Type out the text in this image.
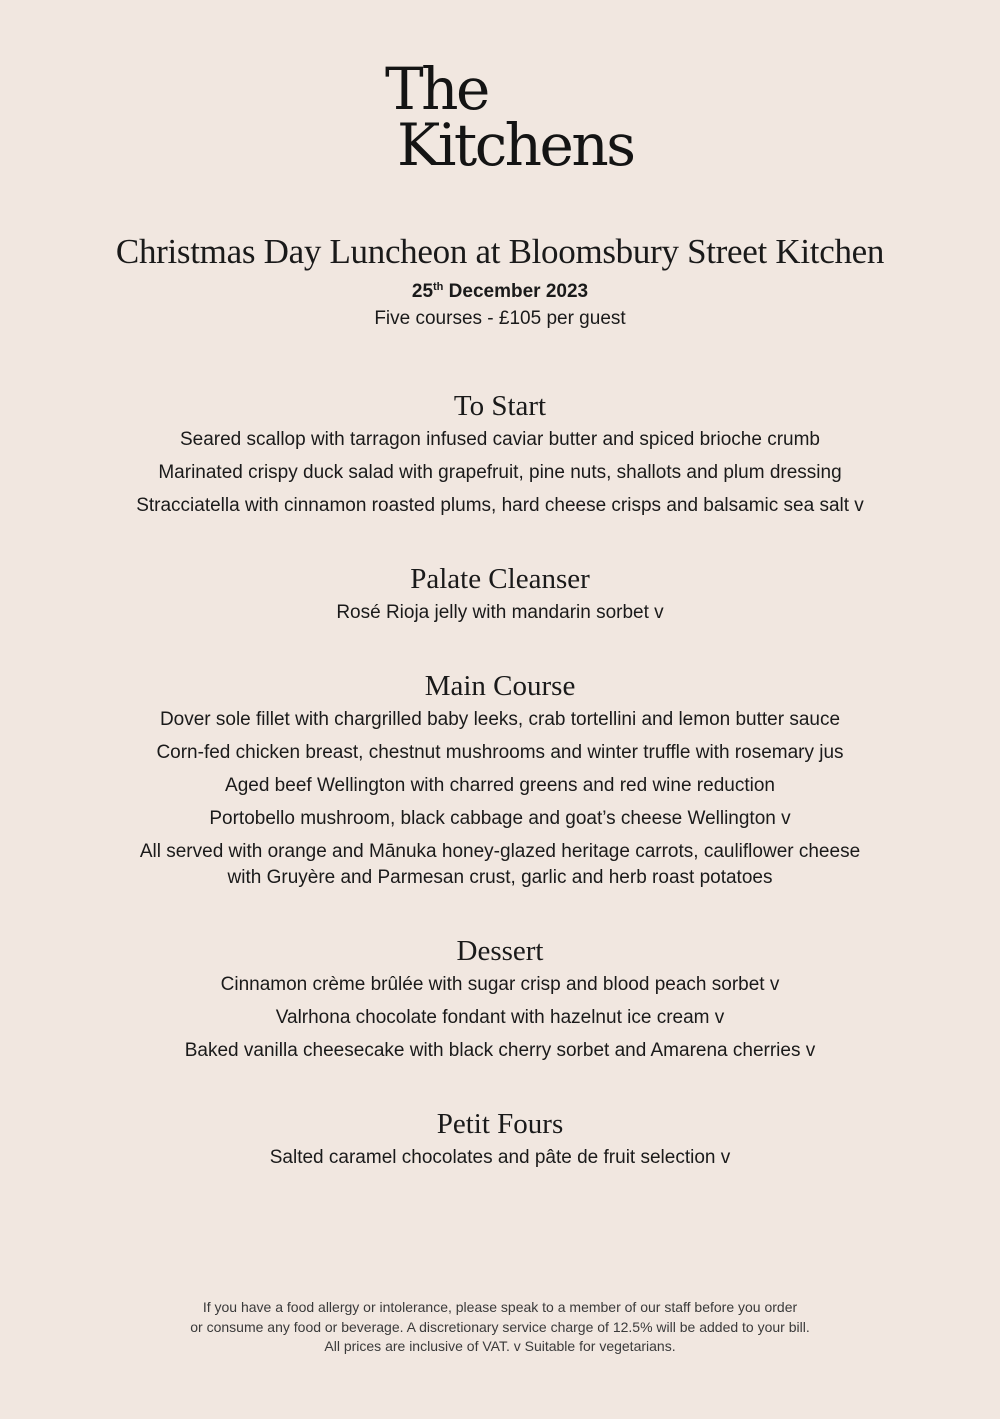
The
Kitchens
Christmas Day Luncheon at Bloomsbury Street Kitchen
25th December 2023
Five courses - £105 per guest
To Start
Seared scallop with tarragon infused caviar butter and spiced brioche crumb
Marinated crispy duck salad with grapefruit, pine nuts, shallots and plum dressing
Stracciatella with cinnamon roasted plums, hard cheese crisps and balsamic sea salt v
Palate Cleanser
Rosé Rioja jelly with mandarin sorbet v
Main Course
Dover sole fillet with chargrilled baby leeks, crab tortellini and lemon butter sauce
Corn-fed chicken breast, chestnut mushrooms and winter truffle with rosemary jus
Aged beef Wellington with charred greens and red wine reduction
Portobello mushroom, black cabbage and goat’s cheese Wellington v
All served with orange and Mānuka honey-glazed heritage carrots, cauliflower cheese
with Gruyère and Parmesan crust, garlic and herb roast potatoes
Dessert
Cinnamon crème brûlée with sugar crisp and blood peach sorbet v
Valrhona chocolate fondant with hazelnut ice cream v
Baked vanilla cheesecake with black cherry sorbet and Amarena cherries v
Petit Fours
Salted caramel chocolates and pâte de fruit selection v
If you have a food allergy or intolerance, please speak to a member of our staff before you order
or consume any food or beverage. A discretionary service charge of 12.5% will be added to your bill.
All prices are inclusive of VAT. v Suitable for vegetarians.
